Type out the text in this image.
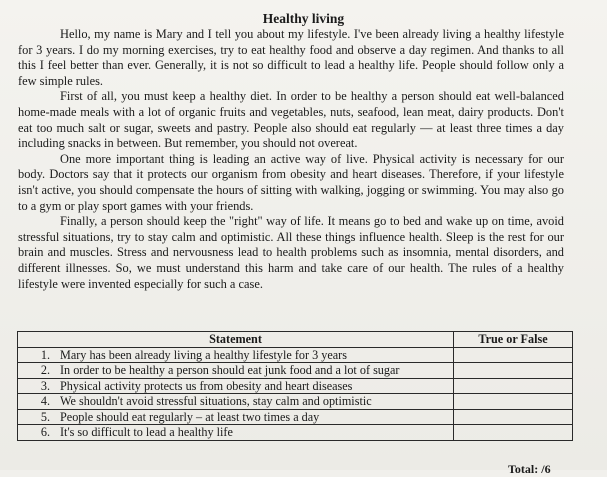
Healthy living

Hello, my name is Mary and I tell you about my lifestyle. I've been already living a healthy lifestyle for 3 years. I do my morning exercises, try to eat healthy food and observe a day regimen. And thanks to all this I feel better than ever. Generally, it is not so difficult to lead a healthy life. People should follow only a few simple rules.

First of all, you must keep a healthy diet. In order to be healthy a person should eat well-balanced home-made meals with a lot of organic fruits and vegetables, nuts, seafood, lean meat, dairy products. Don't eat too much salt or sugar, sweets and pastry. People also should eat regularly — at least three times a day including snacks in between. But remember, you should not overeat.

One more important thing is leading an active way of live. Physical activity is necessary for our body. Doctors say that it protects our organism from obesity and heart diseases. Therefore, if your lifestyle isn't active, you should compensate the hours of sitting with walking, jogging or swimming. You may also go to a gym or play sport games with your friends.

Finally, a person should keep the "right" way of life. It means go to bed and wake up on time, avoid stressful situations, try to stay calm and optimistic. All these things influence health. Sleep is the rest for our brain and muscles. Stress and nervousness lead to health problems such as insomnia, mental disorders, and different illnesses. So, we must understand this harm and take care of our health. The rules of a healthy lifestyle were invented especially for such a case.

Statement		True or False
1.	Mary has been already living a healthy lifestyle for 3 years	
2.	In order to be healthy a person should eat junk food and a lot of sugar	
3.	Physical activity protects us from obesity and heart diseases	
4.	We shouldn't avoid stressful situations, stay calm and optimistic	
5.	People should eat regularly – at least two times a day	
6.	It's so difficult to lead a healthy life	
Total: /6
